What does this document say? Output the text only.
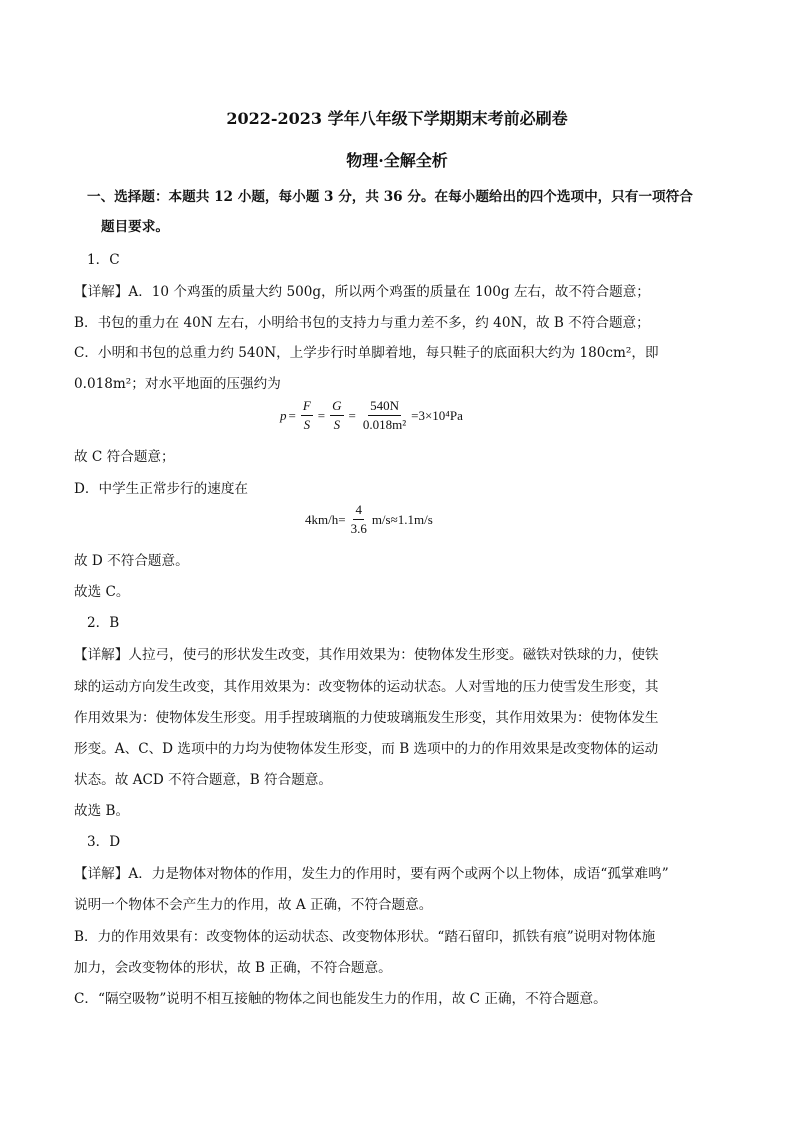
2022-2023 学年八年级下学期期末考前必刷卷
物理·全解全析
一、选择题：本题共 12 小题，每小题 3 分，共 36 分。在每小题给出的四个选项中，只有一项符合
题目要求。
1．C
【详解】A．10 个鸡蛋的质量大约 500g，所以两个鸡蛋的质量在 100g 左右，故不符合题意；
B．书包的重力在 40N 左右，小明给书包的支持力与重力差不多，约 40N，故 B 不符合题意；
C．小明和书包的总重力约 540N，上学步行时单脚着地，每只鞋子的底面积大约为 180cm²，即
0.018m²；对水平地面的压强约为
$p = \frac{F}{S} = \frac{G}{S} = \frac{540N}{\text{0.018m²}} =3\times 10^4Pa$
故 C 符合题意；
D．中学生正常步行的速度在
$4km/h= \frac{4}{3.6} m/s\approx 1.1m/s$
故 D 不符合题意。
故选 C。
2．B
【详解】人拉弓，使弓的形状发生改变，其作用效果为：使物体发生形变。磁铁对铁球的力，使铁
球的运动方向发生改变，其作用效果为：改变物体的运动状态。人对雪地的压力使雪发生形变，其
作用效果为：使物体发生形变。用手捏玻璃瓶的力使玻璃瓶发生形变，其作用效果为：使物体发生
形变。A、C、D 选项中的力均为使物体发生形变，而 B 选项中的力的作用效果是改变物体的运动
状态。故 ACD 不符合题意，B 符合题意。
故选 B。
3．D
【详解】A．力是物体对物体的作用，发生力的作用时，要有两个或两个以上物体，成语“孤掌难鸣”
说明一个物体不会产生力的作用，故 A 正确，不符合题意。
B．力的作用效果有：改变物体的运动状态、改变物体形状。“踏石留印，抓铁有痕”说明对物体施
加力，会改变物体的形状，故 B 正确，不符合题意。
C．“隔空吸物”说明不相互接触的物体之间也能发生力的作用，故 C 正确，不符合题意。
